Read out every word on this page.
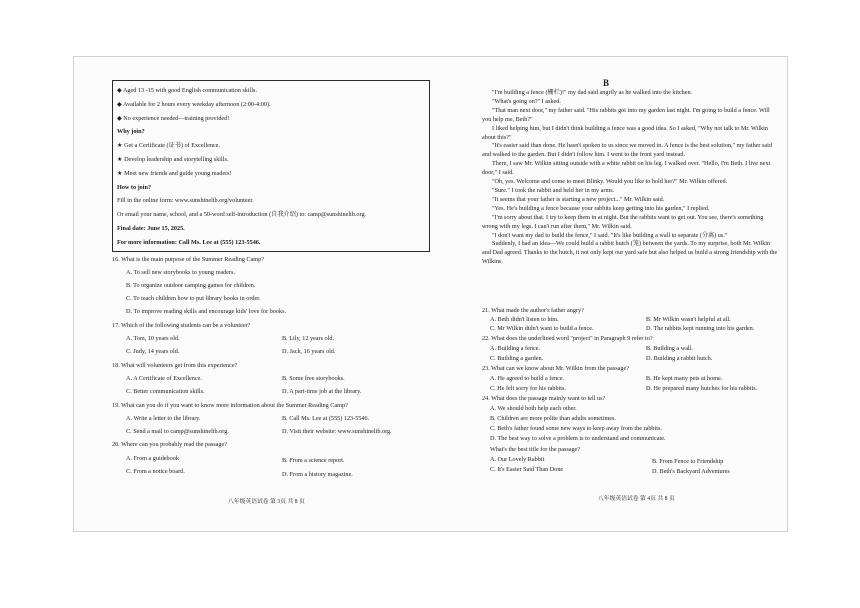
◆ Aged 13 -15 with good English communication skills.
◆ Available for 2 hours every weekday afternoon (2:00-4:00).
◆ No experience needed—training provided!
Why join?
★ Get a Certificate (证书) of Excellence.
★ Develop leadership and storytelling skills.
★ Meet new friends and guide young readers!
How to join?
Fill in the online form: www.sunshinelib.org/volunteer.
Or email your name, school, and a 50-word self-introduction (自我介绍) to: camp@sunshinelib.org.
Final date: June 15, 2025.
For more information: Call Ms. Lee at (555) 123-5546.
16. What is the main purpose of the Summer Reading Camp?
A. To sell new storybooks to young readers.
B. To organize outdoor camping games for children.
C. To teach children how to put library books in order.
D. To improve reading skills and encourage kids' love for books.
17. Which of the following students can be a volunteer?
A. Tom, 10 years old.	B. Lily, 12 years old.
C. Judy, 14 years old.	D. Jack, 16 years old.
18. What will volunteers get from this experience?
A. A Certificate of Excellence.	B. Some free storybooks.
C. Better communication skills.	D. A part-time job at the library.
19. What can you do if you want to know more information about the Summer Reading Camp?
A. Write a letter to the library.	B. Call Ms. Lee at (555) 123-5546.
C. Send a mail to camp@sunshinelib.org.	D. Visit their website: www.sunshinelib.org.
20. Where can you probably read the passage?
A. From a guidebook	B. From a science report.
C. From a notice board.	D. From a history magazine.
八年级英语试卷 第 3页 共 8 页
B

"I'm building a fence (栅栏)!" my dad said angrily as he walked into the kitchen.

"What's going on?" I asked.

"That man next door," my father said. "His rabbits got into my garden last night. I'm going to build a fence. Will you help me, Beth?"

I liked helping him, but I didn't think building a fence was a good idea. So I asked, "Why not talk to Mr. Wilkin about this?"

"It's easier said than done. He hasn't spoken to us since we moved in. A fence is the best solution," my father said and walked to the garden. But I didn't follow him. I went to the front yard instead.

There, I saw Mr. Wilkin sitting outside with a white rabbit on his leg. I walked over. "Hello, I'm Beth. I live next door," I said.

"Oh, yes. Welcome and come to meet Blinky. Would you like to hold her?" Mr. Wilkin offered.

"Sure." I took the rabbit and held her in my arms.

"It seems that your father is starting a new project..." Mr. Wilkin said.

"Yes. He's building a fence because your rabbits keep getting into his garden," I replied.

"I'm sorry about that. I try to keep them in at night. But the rabbits want to get out. You see, there's something wrong with my legs. I can't run after them," Mr. Wilkin said.

"I don't want my dad to build the fence," I said. "It's like building a wall to separate (分离) us."

Suddenly, I had an idea—We could build a rabbit hutch (笼) between the yards. To my surprise, both Mr. Wilkin and Dad agreed. Thanks to the hutch, it not only kept our yard safe but also helped us build a strong friendship with the Wilkins.

21. What made the author's father angry?
A. Beth didn't listen to him.	B. Mr Wilkin wasn't helpful at all.
C. Mr Wilkin didn't want to build a fence.	D. The rabbits kept running into his garden.
22. What does the underlined word "project" in Paragraph 9 refer to?
A. Building a fence.	B. Building a wall.
C. Building a garden.	D. Building a rabbit hutch.
23. What can we know about Mr. Wilkin from the passage?
A. He agreed to build a fence.	B. He kept many pets at home.
C. He felt sorry for his rabbits.	D. He prepared many hutches for his rabbits.
24. What does the passage mainly want to tell us?
A. We should both help each other.
B. Children are more polite than adults sometimes.
C. Beth's father found some new ways to keep away from the rabbits.
D. The best way to solve a problem is to understand and communicate.
What's the best title for the passage?
A. Our Lovely Rabbit	B. From Fence to Friendship
C. It's Easier Said Than Done	D. Beth's Backyard Adventures
八年级英语试卷 第 4页 共 8 页
